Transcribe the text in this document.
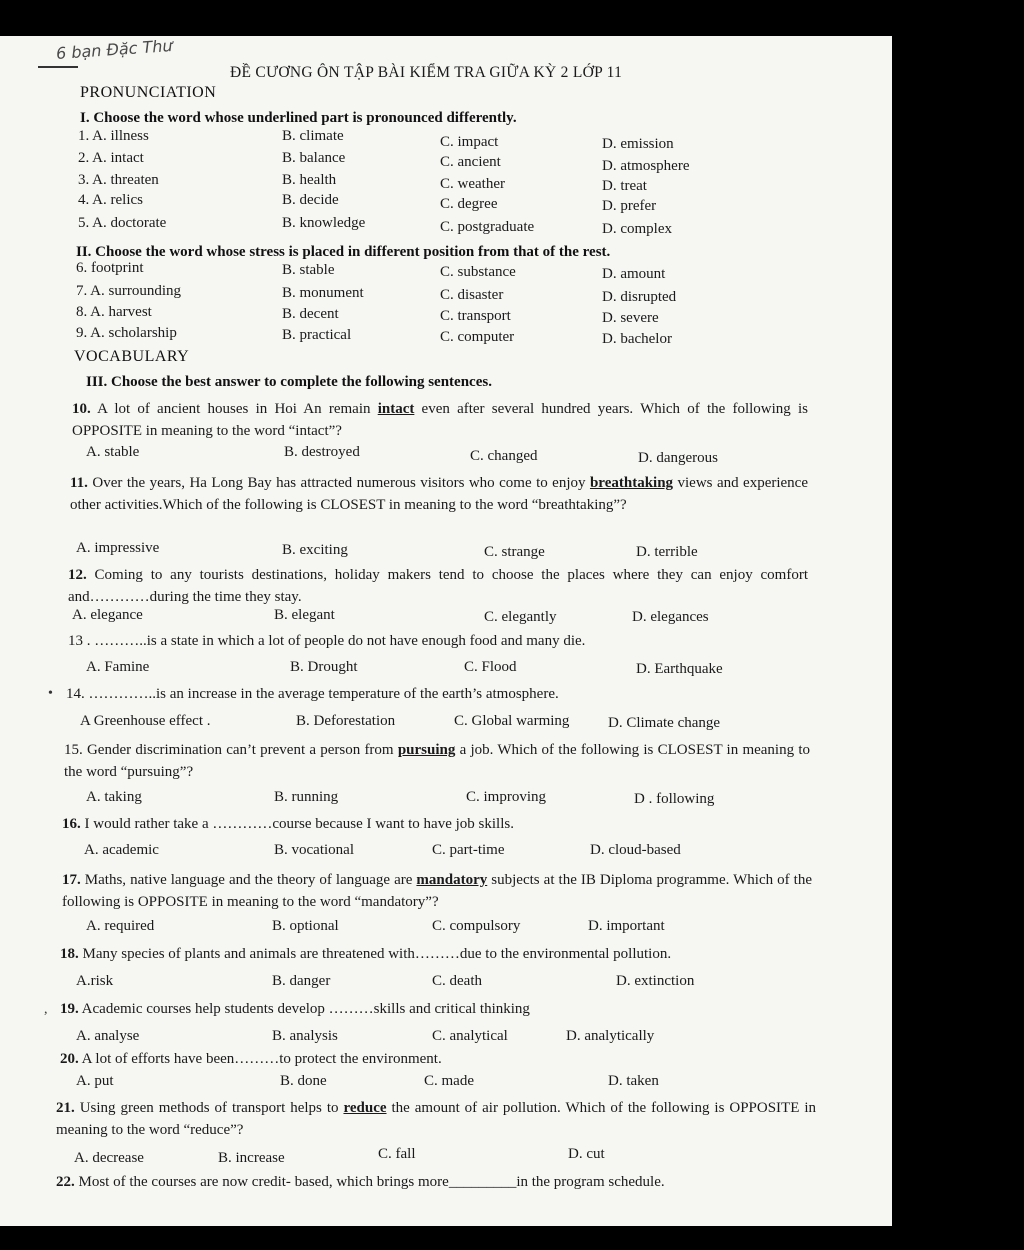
6 bạn Đặc Thư
ĐỀ CƯƠNG ÔN TẬP BÀI KIỂM TRA GIỮA KỲ 2 LỚP 11
PRONUNCIATION
I. Choose the word whose underlined part is pronounced differently.
1. A. illness	B. climate	C. impact	D. emission
2. A. intact	B. balance	C. ancient	D. atmosphere
3. A. threaten	B. health	C. weather	D. treat
4. A. relics	B. decide	C. degree	D. prefer
5. A. doctorate	B. knowledge	C. postgraduate	D. complex
II. Choose the word whose stress is placed in different position from that of the rest.
6. footprint	B. stable	C. substance	D. amount
7. A. surrounding	B. monument	C. disaster	D. disrupted
8. A. harvest	B. decent	C. transport	D. severe
9. A. scholarship	B. practical	C. computer	D. bachelor
VOCABULARY
III. Choose the best answer to complete the following sentences.
10. A lot of ancient houses in Hoi An remain intact even after several hundred years. Which of the following is OPPOSITE in meaning to the word “intact”?
A. stable	B. destroyed	C. changed	D. dangerous
11. Over the years, Ha Long Bay has attracted numerous visitors who come to enjoy breathtaking views and experience other activities.Which of the following is CLOSEST in meaning to the word “breathtaking”?
A. impressive	B. exciting	C. strange	D. terrible
12. Coming to any tourists destinations, holiday makers tend to choose the places where they can enjoy comfort and…………during the time they stay.
A. elegance	B. elegant	C. elegantly	D. elegances
13 . ………..is a state in which a lot of people do not have enough food and many die.
A. Famine	B. Drought	C. Flood	D. Earthquake
• 14. …………..is an increase in the average temperature of the earth’s atmosphere.
A Greenhouse effect .	B. Deforestation	C. Global warming	D. Climate change
15. Gender discrimination can’t prevent a person from pursuing a job. Which of the following is CLOSEST in meaning to the word “pursuing”?
A. taking	B. running	C. improving	D . following
16. I would rather take a …………course because I want to have job skills.
A. academic	B. vocational	C. part-time	D. cloud-based
17. Maths, native language and the theory of language are mandatory subjects at the IB Diploma programme. Which of the following is OPPOSITE in meaning to the word “mandatory”?
A. required	B. optional	C. compulsory	D. important
18. Many species of plants and animals are threatened with………due to the environmental pollution.
A.risk	B. danger	C. death	D. extinction
, 19. Academic courses help students develop ………skills and critical thinking
A. analyse	B. analysis	C. analytical	D. analytically
20. A lot of efforts have been………to protect the environment.
A. put	B. done	C. made	D. taken
21. Using green methods of transport helps to reduce the amount of air pollution. Which of the following is OPPOSITE in meaning to the word “reduce”?
A. decrease	B. increase	C. fall	D. cut
22. Most of the courses are now credit- based, which brings more_________in the program schedule.
